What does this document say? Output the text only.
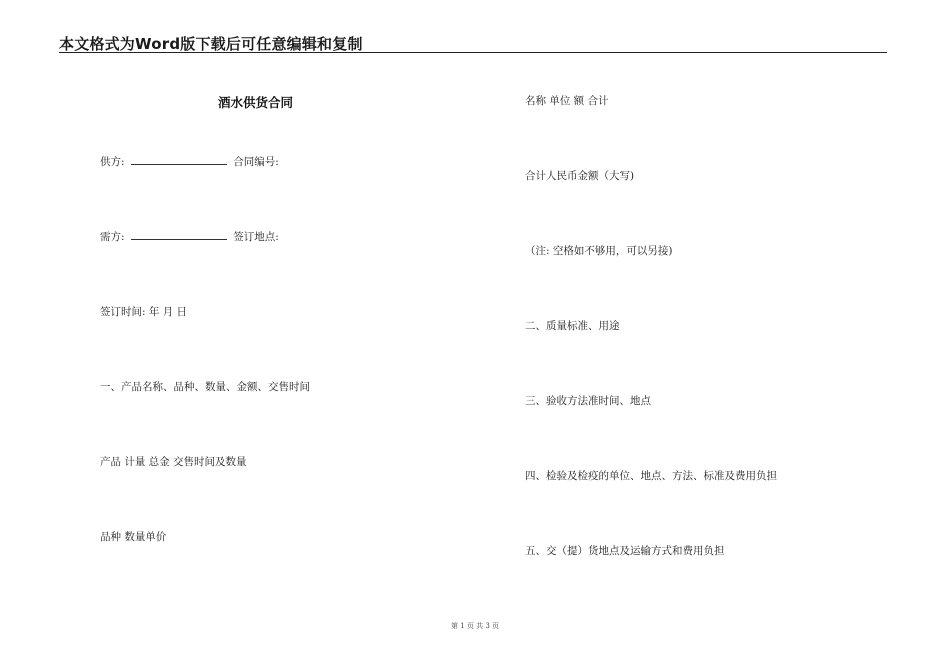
本文格式为Word版下载后可任意编辑和复制
酒水供货合同
供方:	合同编号:
需方:	签订地点:
签订时间: 年 月 日
一、产品名称、品种、数量、金额、交售时间
产品 计量 总金 交售时间及数量
品种 数量单价
名称 单位 额 合计
合计人民币金额（大写)
（注: 空格如不够用，可以另接)
二、质量标准、用途
三、验收方法准时间、地点
四、检验及检疫的单位、地点、方法、标准及费用负担
五、交（提）货地点及运输方式和费用负担
第 1 页 共 3 页
